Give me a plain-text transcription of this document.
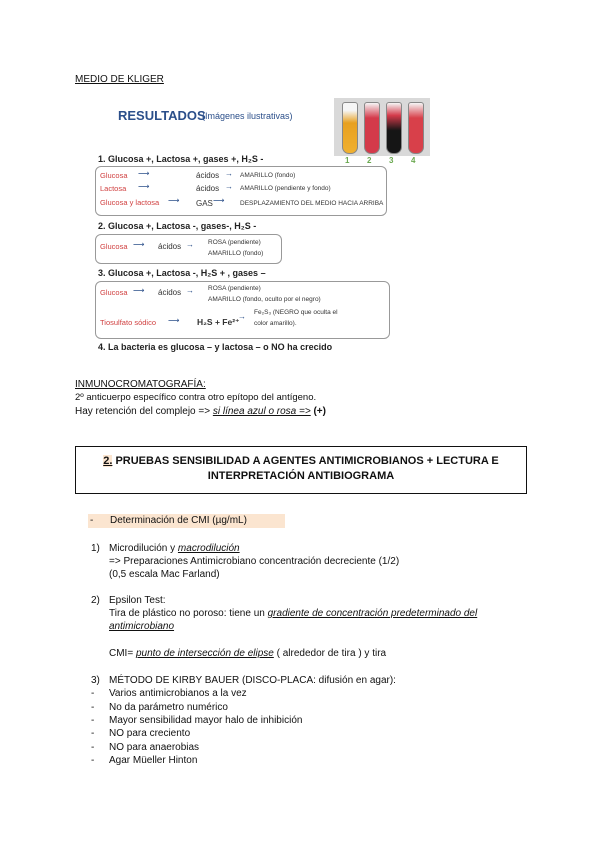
MEDIO DE KLIGER
RESULTADOS
(Imágenes ilustrativas)
1 2 3 4
1. Glucosa +, Lactosa +, gases +, H₂S -
Glucosa ⟶	ácidos → AMARILLO (fondo)
Lactosa ⟶	ácidos → AMARILLO (pendiente y fondo)
Glucosa y lactosa ⟶ GAS ⟶ DESPLAZAMIENTO DEL MEDIO HACIA ARRIBA
2. Glucosa +, Lactosa -, gases-, H₂S -
Glucosa ⟶ ácidos → ROSA (pendiente)
AMARILLO (fondo)
3. Glucosa +, Lactosa -, H₂S + , gases –
Glucosa ⟶ ácidos → ROSA (pendiente)
AMARILLO (fondo, oculto por el negro)
Tiosulfato sódico ⟶ H₂S + Fe²⁺
→ Fe₂S₃ (NEGRO que oculta el
color amarillo).
4. La bacteria es glucosa – y lactosa – o NO ha crecido
INMUNOCROMATOGRAFÍA:
2º anticuerpo específico contra otro epítopo del antígeno.
Hay retención del complejo => si línea azul o rosa => (+)
2. PRUEBAS SENSIBILIDAD A AGENTES ANTIMICROBIANOS + LECTURA E
INTERPRETACIÓN ANTIBIOGRAMA
- Determinación de CMI (µg/mL)
1) Microdilución y macrodilución
=> Preparaciones Antimicrobiano concentración decreciente (1/2)
(0,5 escala Mac Farland)
2) Epsilon Test:
Tira de plástico no poroso: tiene un gradiente de concentración predeterminado del
antimicrobiano
CMI= punto de intersección de elipse ( alrededor de tira ) y tira
3) MÉTODO DE KIRBY BAUER (DISCO-PLACA: difusión en agar):
- Varios antimicrobianos a la vez
- No da parámetro numérico
- Mayor sensibilidad mayor halo de inhibición
- NO para creciento
- NO para anaerobias
- Agar Müeller Hinton
